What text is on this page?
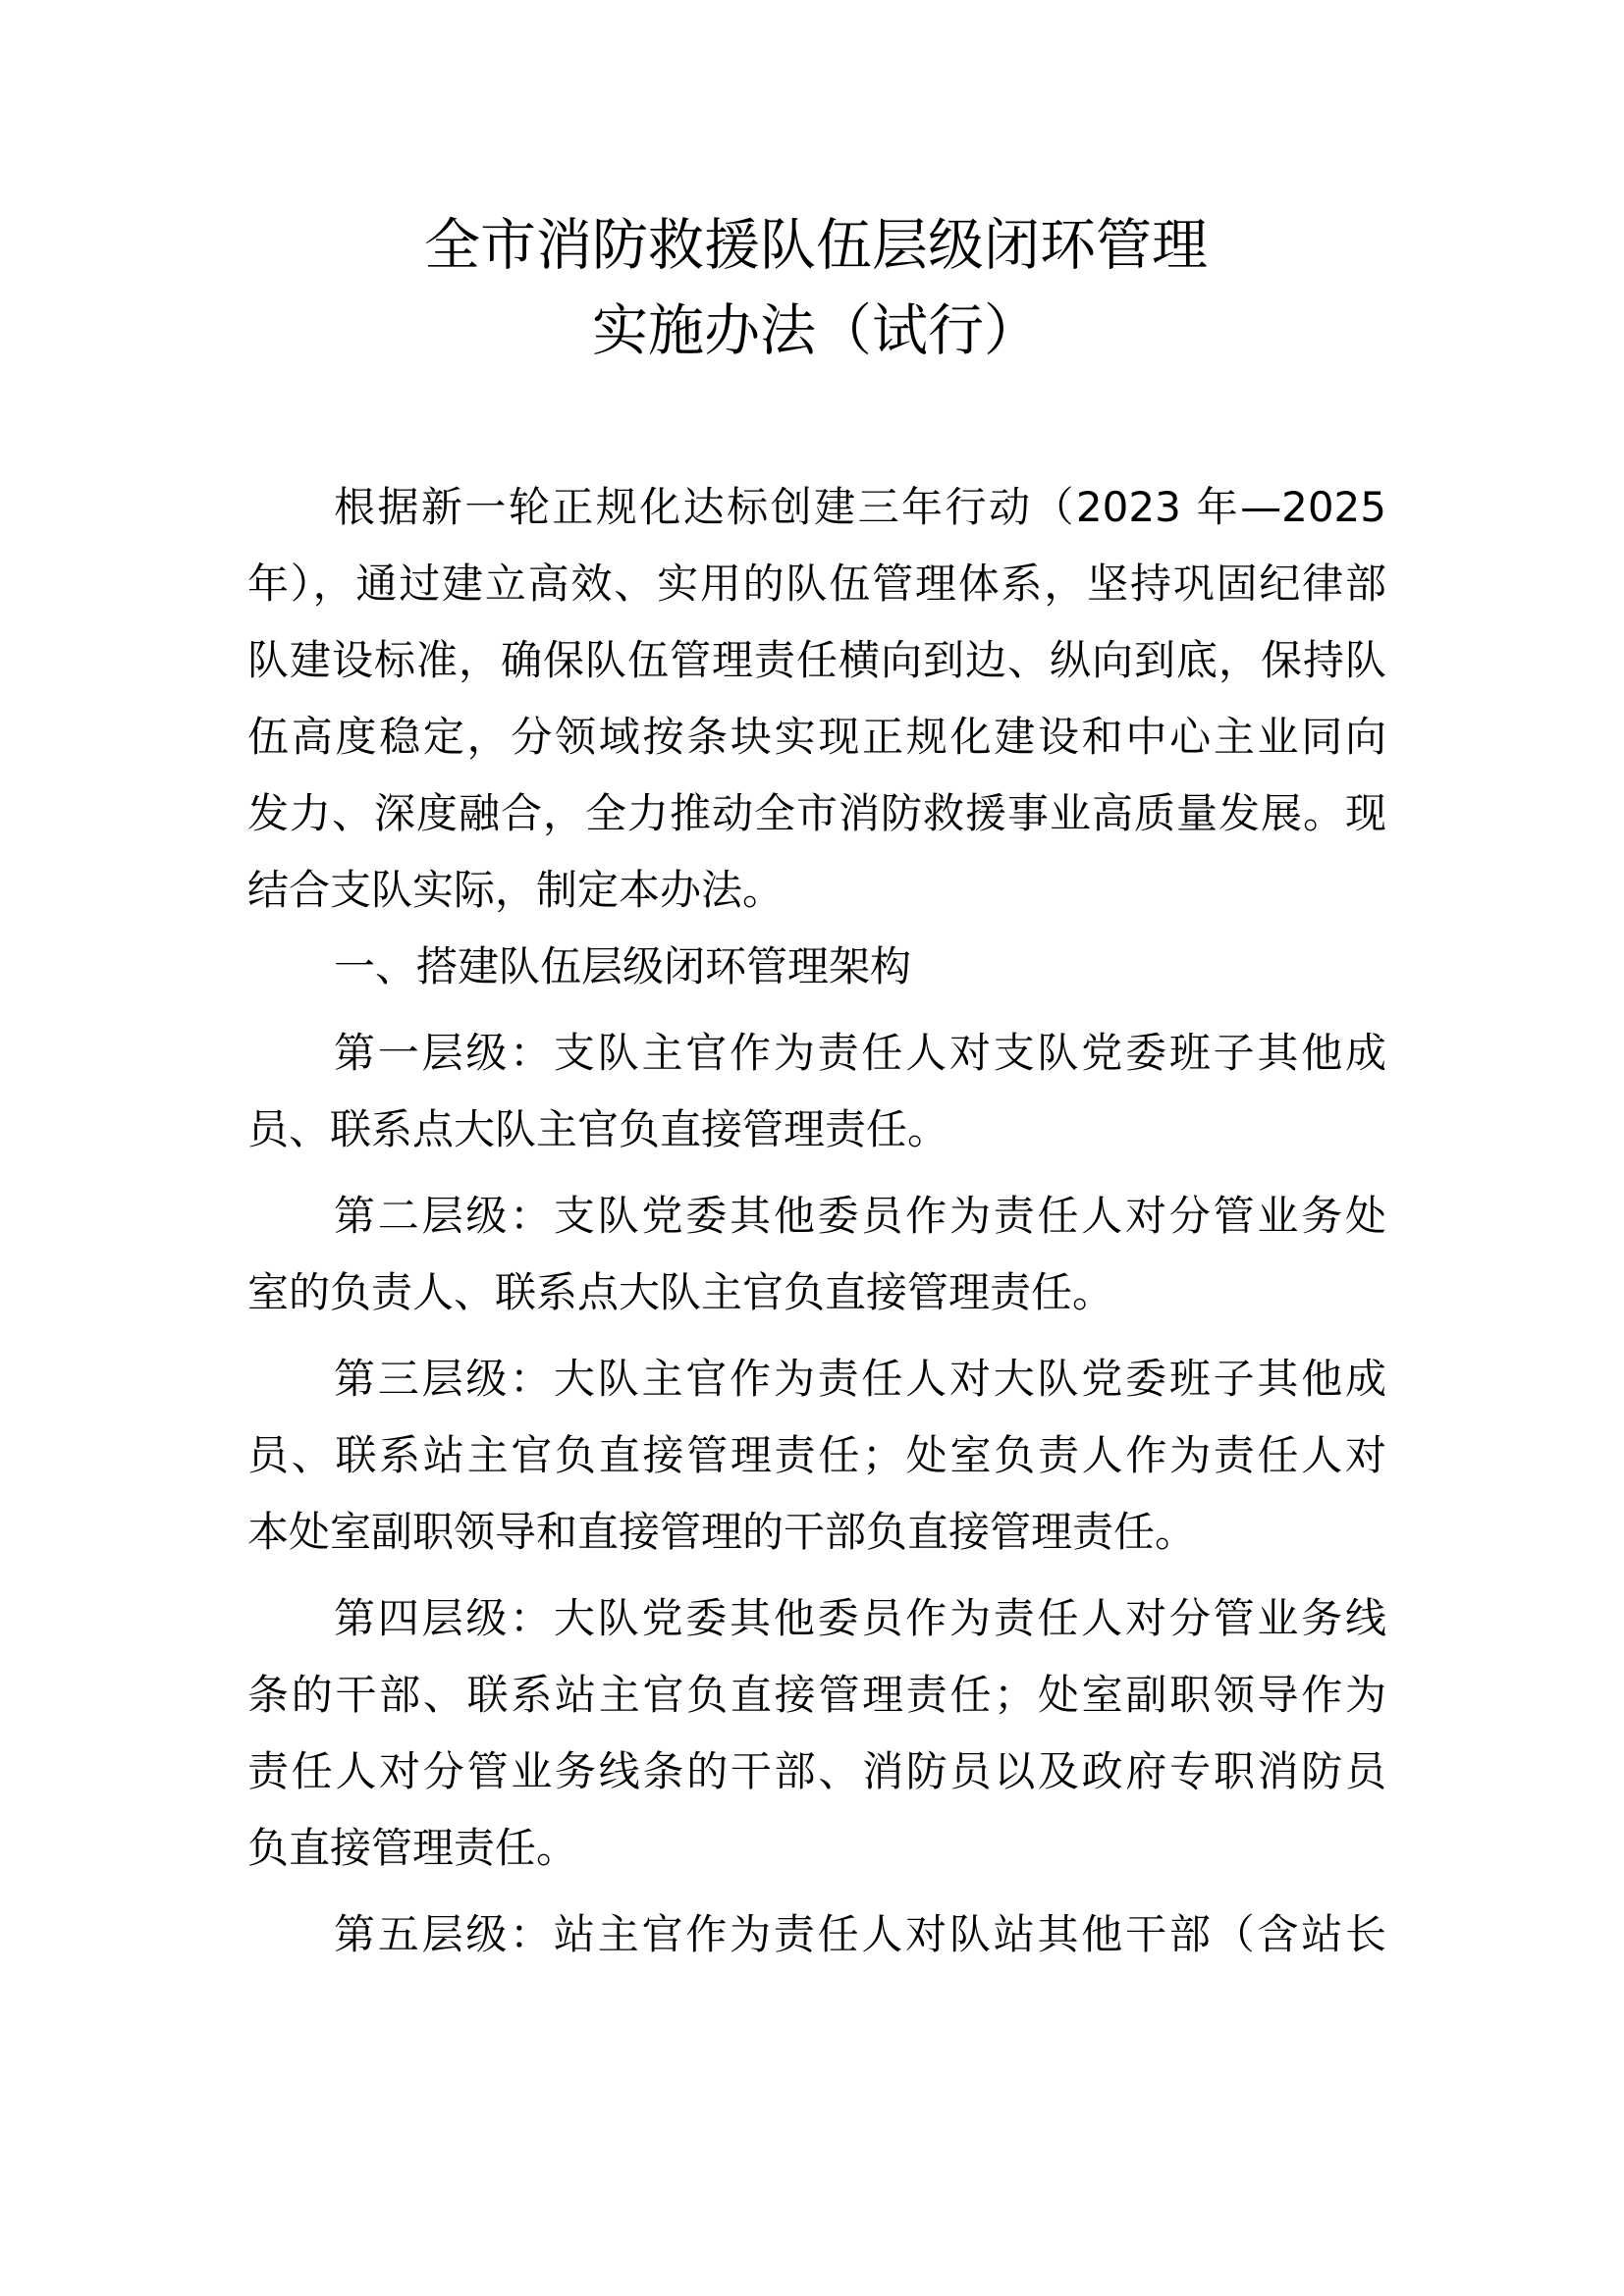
全市消防救援队伍层级闭环管理
实施办法（试行）
根据新一轮正规化达标创建三年行动（2023 年—2025
年），通过建立高效、实用的队伍管理体系，坚持巩固纪律部
队建设标准，确保队伍管理责任横向到边、纵向到底，保持队
伍高度稳定，分领域按条块实现正规化建设和中心主业同向
发力、深度融合，全力推动全市消防救援事业高质量发展。现
结合支队实际，制定本办法。
一、搭建队伍层级闭环管理架构
第一层级：支队主官作为责任人对支队党委班子其他成
员、联系点大队主官负直接管理责任。
第二层级：支队党委其他委员作为责任人对分管业务处
室的负责人、联系点大队主官负直接管理责任。
第三层级：大队主官作为责任人对大队党委班子其他成
员、联系站主官负直接管理责任；处室负责人作为责任人对
本处室副职领导和直接管理的干部负直接管理责任。
第四层级：大队党委其他委员作为责任人对分管业务线
条的干部、联系站主官负直接管理责任；处室副职领导作为
责任人对分管业务线条的干部、消防员以及政府专职消防员
负直接管理责任。
第五层级：站主官作为责任人对队站其他干部（含站长
